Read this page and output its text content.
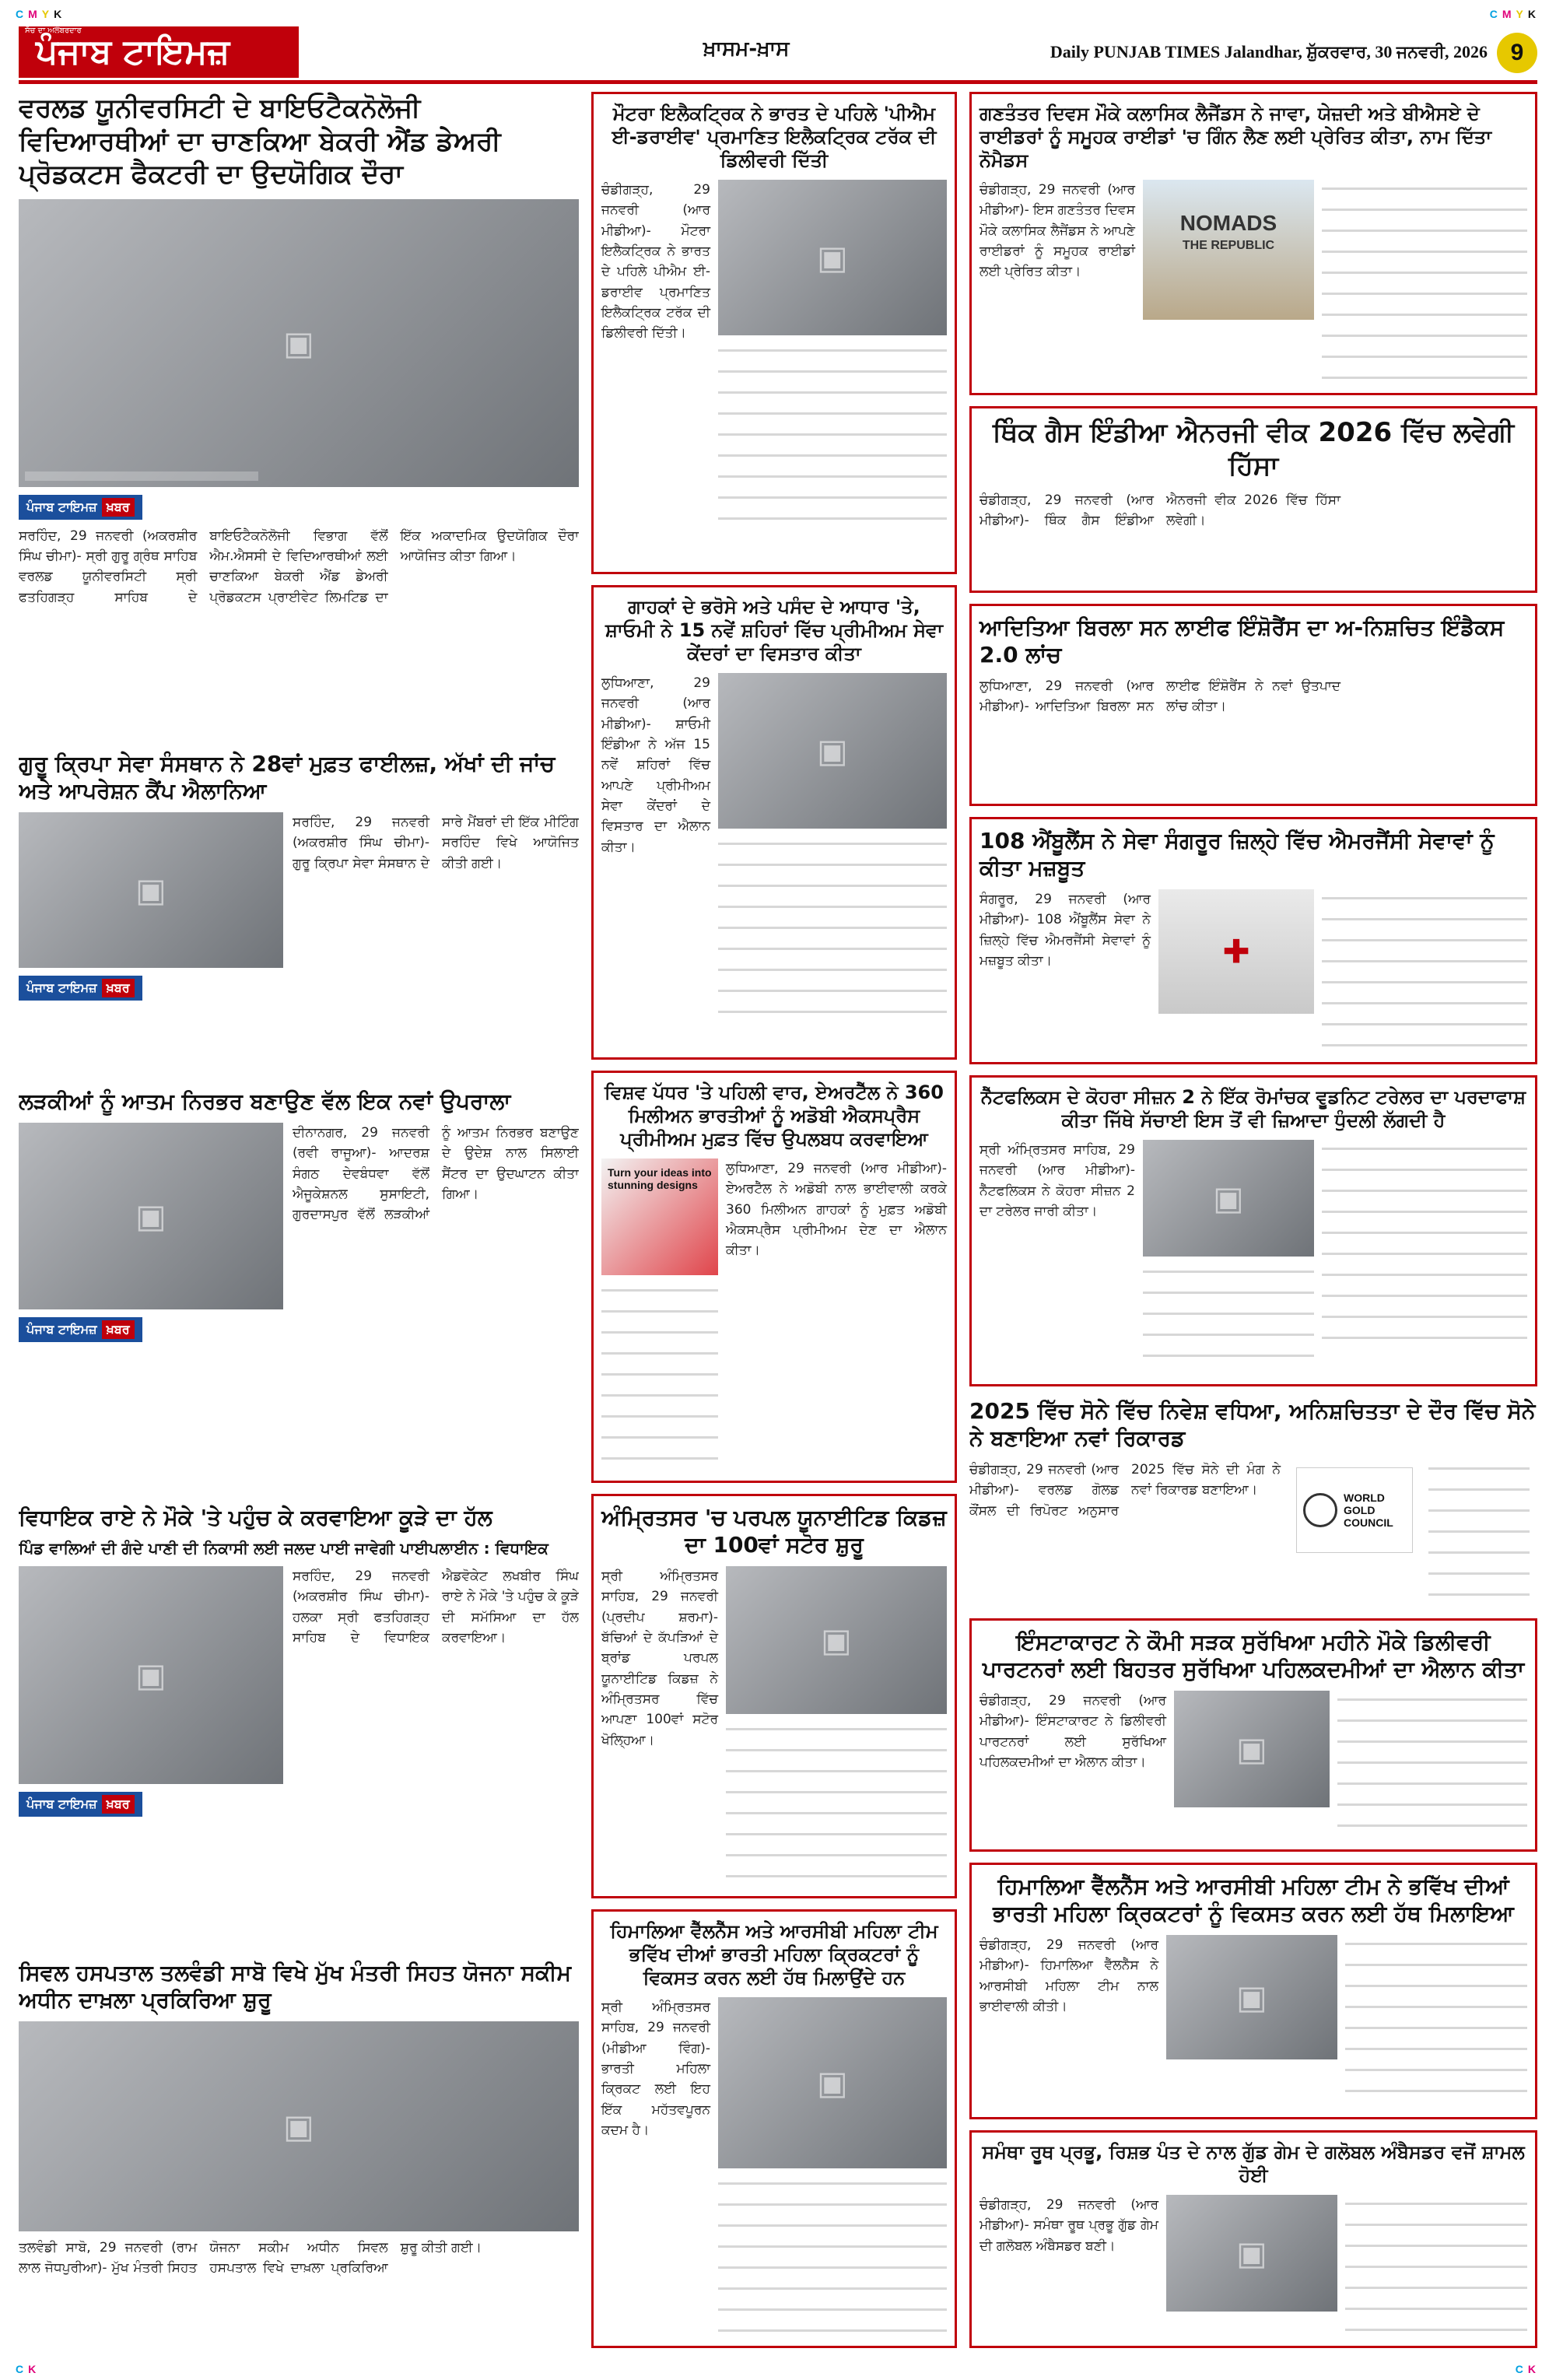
CMYK	CMYK
CK	CK
ਸੱਚ ਦਾ ਅਲੰਬਰਦਾਰ
ਪੰਜਾਬ ਟਾਇਮਜ਼	ਖ਼ਾਸਮ-ਖ਼ਾਸ	Daily PUNJAB TIMES Jalandhar, ਸ਼ੁੱਕਰਵਾਰ, 30 ਜਨਵਰੀ, 2026 9
ਵਰਲਡ ਯੂਨੀਵਰਸਿਟੀ ਦੇ ਬਾਇਓਟੈਕਨੋਲੋਜੀ ਵਿਦਿਆਰਥੀਆਂ ਦਾ ਚਾਣਕਿਆ ਬੇਕਰੀ ਐਂਡ ਡੇਅਰੀ ਪ੍ਰੋਡਕਟਸ ਫੈਕਟਰੀ ਦਾ ਉਦਯੋਗਿਕ ਦੌਰਾ
▣
ਪੰਜਾਬ ਟਾਇਮਜ਼ ਖ਼ਬਰ

ਸਰਹਿੰਦ, 29 ਜਨਵਰੀ (ਅਕਰਸ਼ੀਰ ਸਿੰਘ ਚੀਮਾ)- ਸ੍ਰੀ ਗੁਰੂ ਗ੍ਰੰਥ ਸਾਹਿਬ ਵਰਲਡ ਯੂਨੀਵਰਸਿਟੀ ਸ੍ਰੀ ਫਤਹਿਗੜ੍ਹ ਸਾਹਿਬ ਦੇ ਬਾਇਓਟੈਕਨੋਲੋਜੀ ਵਿਭਾਗ ਵੱਲੋਂ ਐਮ.ਐਸਸੀ ਦੇ ਵਿਦਿਆਰਥੀਆਂ ਲਈ ਚਾਣਕਿਆ ਬੇਕਰੀ ਐਂਡ ਡੇਅਰੀ ਪ੍ਰੋਡਕਟਸ ਪ੍ਰਾਈਵੇਟ ਲਿਮਟਿਡ ਦਾ ਇੱਕ ਅਕਾਦਮਿਕ ਉਦਯੋਗਿਕ ਦੌਰਾ ਆਯੋਜਿਤ ਕੀਤਾ ਗਿਆ।

ਗੁਰੂ ਕ੍ਰਿਪਾ ਸੇਵਾ ਸੰਸਥਾਨ ਨੇ 28ਵਾਂ ਮੁਫ਼ਤ ਫਾਈਲਜ਼, ਅੱਖਾਂ ਦੀ ਜਾਂਚ ਅਤੇ ਆਪਰੇਸ਼ਨ ਕੈਂਪ ਐਲਾਨਿਆ
▣
ਪੰਜਾਬ ਟਾਇਮਜ਼ ਖ਼ਬਰ

ਸਰਹਿੰਦ, 29 ਜਨਵਰੀ (ਅਕਰਸ਼ੀਰ ਸਿੰਘ ਚੀਮਾ)- ਗੁਰੂ ਕ੍ਰਿਪਾ ਸੇਵਾ ਸੰਸਥਾਨ ਦੇ ਸਾਰੇ ਮੈਂਬਰਾਂ ਦੀ ਇੱਕ ਮੀਟਿੰਗ ਸਰਹਿੰਦ ਵਿਖੇ ਆਯੋਜਿਤ ਕੀਤੀ ਗਈ।

ਲੜਕੀਆਂ ਨੂੰ ਆਤਮ ਨਿਰਭਰ ਬਣਾਉਣ ਵੱਲ ਇਕ ਨਵਾਂ ਉਪਰਾਲਾ
▣
ਪੰਜਾਬ ਟਾਇਮਜ਼ ਖ਼ਬਰ

ਦੀਨਾਨਗਰ, 29 ਜਨਵਰੀ (ਰਵੀ ਰਾਜੂਆ)- ਆਦਰਸ਼ ਸੰਗਠ ਦੇਵਬੰਧਵਾ ਵੱਲੋਂ ਐਜੂਕੇਸ਼ਨਲ ਸੁਸਾਇਟੀ, ਗੁਰਦਾਸਪੁਰ ਵੱਲੋਂ ਲੜਕੀਆਂ ਨੂੰ ਆਤਮ ਨਿਰਭਰ ਬਣਾਉਣ ਦੇ ਉਦੇਸ਼ ਨਾਲ ਸਿਲਾਈ ਸੈਂਟਰ ਦਾ ਉਦਘਾਟਨ ਕੀਤਾ ਗਿਆ।

ਵਿਧਾਇਕ ਰਾਏ ਨੇ ਮੌਕੇ 'ਤੇ ਪਹੁੰਚ ਕੇ ਕਰਵਾਇਆ ਕੂੜੇ ਦਾ ਹੱਲ
ਪਿੰਡ ਵਾਲਿਆਂ ਦੀ ਗੰਦੇ ਪਾਣੀ ਦੀ ਨਿਕਾਸੀ ਲਈ ਜਲਦ ਪਾਈ ਜਾਵੇਗੀ ਪਾਈਪਲਾਈਨ : ਵਿਧਾਇਕ
▣
ਪੰਜਾਬ ਟਾਇਮਜ਼ ਖ਼ਬਰ

ਸਰਹਿੰਦ, 29 ਜਨਵਰੀ (ਅਕਰਸ਼ੀਰ ਸਿੰਘ ਚੀਮਾ)- ਹਲਕਾ ਸ੍ਰੀ ਫਤਹਿਗੜ੍ਹ ਸਾਹਿਬ ਦੇ ਵਿਧਾਇਕ ਐਡਵੋਕੇਟ ਲਖਬੀਰ ਸਿੰਘ ਰਾਏ ਨੇ ਮੌਕੇ 'ਤੇ ਪਹੁੰਚ ਕੇ ਕੂੜੇ ਦੀ ਸਮੱਸਿਆ ਦਾ ਹੱਲ ਕਰਵਾਇਆ।

ਸਿਵਲ ਹਸਪਤਾਲ ਤਲਵੰਡੀ ਸਾਬੋ ਵਿਖੇ ਮੁੱਖ ਮੰਤਰੀ ਸਿਹਤ ਯੋਜਨਾ ਸਕੀਮ ਅਧੀਨ ਦਾਖ਼ਲਾ ਪ੍ਰਕਿਰਿਆ ਸ਼ੁਰੂ
▣

ਤਲਵੰਡੀ ਸਾਬੋ, 29 ਜਨਵਰੀ (ਰਾਮ ਲਾਲ ਜੋਧਪੁਰੀਆ)- ਮੁੱਖ ਮੰਤਰੀ ਸਿਹਤ ਯੋਜਨਾ ਸਕੀਮ ਅਧੀਨ ਸਿਵਲ ਹਸਪਤਾਲ ਵਿਖੇ ਦਾਖ਼ਲਾ ਪ੍ਰਕਿਰਿਆ ਸ਼ੁਰੂ ਕੀਤੀ ਗਈ।

ਮੌਟਰਾ ਇਲੈਕਟ੍ਰਿਕ ਨੇ ਭਾਰਤ ਦੇ ਪਹਿਲੇ 'ਪੀਐਮ ਈ-ਡਰਾਈਵ' ਪ੍ਰਮਾਣਿਤ ਇਲੈਕਟ੍ਰਿਕ ਟਰੱਕ ਦੀ ਡਿਲੀਵਰੀ ਦਿੱਤੀ

ਚੰਡੀਗੜ੍ਹ, 29 ਜਨਵਰੀ (ਆਰ ਮੀਡੀਆ)- ਮੌਟਰਾ ਇਲੈਕਟ੍ਰਿਕ ਨੇ ਭਾਰਤ ਦੇ ਪਹਿਲੇ ਪੀਐਮ ਈ-ਡਰਾਈਵ ਪ੍ਰਮਾਣਿਤ ਇਲੈਕਟ੍ਰਿਕ ਟਰੱਕ ਦੀ ਡਿਲੀਵਰੀ ਦਿੱਤੀ।

▣
ਗਾਹਕਾਂ ਦੇ ਭਰੋਸੇ ਅਤੇ ਪਸੰਦ ਦੇ ਆਧਾਰ 'ਤੇ, ਸ਼ਾਓਮੀ ਨੇ 15 ਨਵੇਂ ਸ਼ਹਿਰਾਂ ਵਿੱਚ ਪ੍ਰੀਮੀਅਮ ਸੇਵਾ ਕੇਂਦਰਾਂ ਦਾ ਵਿਸਤਾਰ ਕੀਤਾ

ਲੁਧਿਆਣਾ, 29 ਜਨਵਰੀ (ਆਰ ਮੀਡੀਆ)- ਸ਼ਾਓਮੀ ਇੰਡੀਆ ਨੇ ਅੱਜ 15 ਨਵੇਂ ਸ਼ਹਿਰਾਂ ਵਿੱਚ ਆਪਣੇ ਪ੍ਰੀਮੀਅਮ ਸੇਵਾ ਕੇਂਦਰਾਂ ਦੇ ਵਿਸਤਾਰ ਦਾ ਐਲਾਨ ਕੀਤਾ।

▣
ਵਿਸ਼ਵ ਪੱਧਰ 'ਤੇ ਪਹਿਲੀ ਵਾਰ, ਏਅਰਟੈੱਲ ਨੇ 360 ਮਿਲੀਅਨ ਭਾਰਤੀਆਂ ਨੂੰ ਅਡੋਬੀ ਐਕਸਪ੍ਰੈਸ ਪ੍ਰੀਮੀਅਮ ਮੁਫ਼ਤ ਵਿੱਚ ਉਪਲਬਧ ਕਰਵਾਇਆ
Turn your ideas into stunning designs

ਲੁਧਿਆਣਾ, 29 ਜਨਵਰੀ (ਆਰ ਮੀਡੀਆ)- ਏਅਰਟੈੱਲ ਨੇ ਅਡੋਬੀ ਨਾਲ ਭਾਈਵਾਲੀ ਕਰਕੇ 360 ਮਿਲੀਅਨ ਗਾਹਕਾਂ ਨੂੰ ਮੁਫ਼ਤ ਅਡੋਬੀ ਐਕਸਪ੍ਰੈਸ ਪ੍ਰੀਮੀਅਮ ਦੇਣ ਦਾ ਐਲਾਨ ਕੀਤਾ।

ਅੰਮ੍ਰਿਤਸਰ 'ਚ ਪਰਪਲ ਯੂਨਾਈਟਿਡ ਕਿਡਜ਼ ਦਾ 100ਵਾਂ ਸਟੋਰ ਸ਼ੁਰੂ

ਸ੍ਰੀ ਅੰਮ੍ਰਿਤਸਰ ਸਾਹਿਬ, 29 ਜਨਵਰੀ (ਪ੍ਰਦੀਪ ਸ਼ਰਮਾ)- ਬੱਚਿਆਂ ਦੇ ਕੱਪੜਿਆਂ ਦੇ ਬ੍ਰਾਂਡ ਪਰਪਲ ਯੂਨਾਈਟਿਡ ਕਿਡਜ਼ ਨੇ ਅੰਮ੍ਰਿਤਸਰ ਵਿੱਚ ਆਪਣਾ 100ਵਾਂ ਸਟੋਰ ਖੋਲ੍ਹਿਆ।

▣
ਹਿਮਾਲਿਆ ਵੈੱਲਨੈੱਸ ਅਤੇ ਆਰਸੀਬੀ ਮਹਿਲਾ ਟੀਮ ਭਵਿੱਖ ਦੀਆਂ ਭਾਰਤੀ ਮਹਿਲਾ ਕ੍ਰਿਕਟਰਾਂ ਨੂੰ ਵਿਕਸਤ ਕਰਨ ਲਈ ਹੱਥ ਮਿਲਾਉਂਦੇ ਹਨ

ਸ੍ਰੀ ਅੰਮ੍ਰਿਤਸਰ ਸਾਹਿਬ, 29 ਜਨਵਰੀ (ਮੀਡੀਆ ਵਿੰਗ)- ਭਾਰਤੀ ਮਹਿਲਾ ਕ੍ਰਿਕਟ ਲਈ ਇਹ ਇੱਕ ਮਹੱਤਵਪੂਰਨ ਕਦਮ ਹੈ।

▣
ਗਣਤੰਤਰ ਦਿਵਸ ਮੌਕੇ ਕਲਾਸਿਕ ਲੈਜੈਂਡਸ ਨੇ ਜਾਵਾ, ਯੇਜ਼ਦੀ ਅਤੇ ਬੀਐਸਏ ਦੇ ਰਾਈਡਰਾਂ ਨੂੰ ਸਮੂਹਕ ਰਾਈਡਾਂ 'ਚ ਗਿੰਨ ਲੈਣ ਲਈ ਪ੍ਰੇਰਿਤ ਕੀਤਾ, ਨਾਮ ਦਿੱਤਾ ਨੋਮੈਡਸ

ਚੰਡੀਗੜ੍ਹ, 29 ਜਨਵਰੀ (ਆਰ ਮੀਡੀਆ)- ਇਸ ਗਣਤੰਤਰ ਦਿਵਸ ਮੌਕੇ ਕਲਾਸਿਕ ਲੈਜੈਂਡਸ ਨੇ ਆਪਣੇ ਰਾਈਡਰਾਂ ਨੂੰ ਸਮੂਹਕ ਰਾਈਡਾਂ ਲਈ ਪ੍ਰੇਰਿਤ ਕੀਤਾ।

NOMADS
THE REPUBLIC
ਥਿੰਕ ਗੈਸ ਇੰਡੀਆ ਐਨਰਜੀ ਵੀਕ 2026 ਵਿੱਚ ਲਵੇਗੀ ਹਿੱਸਾ

ਚੰਡੀਗੜ੍ਹ, 29 ਜਨਵਰੀ (ਆਰ ਮੀਡੀਆ)- ਥਿੰਕ ਗੈਸ ਇੰਡੀਆ ਐਨਰਜੀ ਵੀਕ 2026 ਵਿੱਚ ਹਿੱਸਾ ਲਵੇਗੀ।

ਆਦਿਤਿਆ ਬਿਰਲਾ ਸਨ ਲਾਈਫ ਇੰਸ਼ੋਰੈਂਸ ਦਾ ਅ-ਨਿਸ਼ਚਿਤ ਇੰਡੈਕਸ 2.0 ਲਾਂਚ

ਲੁਧਿਆਣਾ, 29 ਜਨਵਰੀ (ਆਰ ਮੀਡੀਆ)- ਆਦਿਤਿਆ ਬਿਰਲਾ ਸਨ ਲਾਈਫ ਇੰਸ਼ੋਰੈਂਸ ਨੇ ਨਵਾਂ ਉਤਪਾਦ ਲਾਂਚ ਕੀਤਾ।

108 ਐਂਬੂਲੈਂਸ ਨੇ ਸੇਵਾ ਸੰਗਰੂਰ ਜ਼ਿਲ੍ਹੇ ਵਿੱਚ ਐਮਰਜੈਂਸੀ ਸੇਵਾਵਾਂ ਨੂੰ ਕੀਤਾ ਮਜ਼ਬੂਤ

ਸੰਗਰੂਰ, 29 ਜਨਵਰੀ (ਆਰ ਮੀਡੀਆ)- 108 ਐਂਬੂਲੈਂਸ ਸੇਵਾ ਨੇ ਜ਼ਿਲ੍ਹੇ ਵਿੱਚ ਐਮਰਜੈਂਸੀ ਸੇਵਾਵਾਂ ਨੂੰ ਮਜ਼ਬੂਤ ਕੀਤਾ।	✚
ਨੈੱਟਫਲਿਕਸ ਦੇ ਕੋਹਰਾ ਸੀਜ਼ਨ 2 ਨੇ ਇੱਕ ਰੋਮਾਂਚਕ ਵੂਡਨਿਟ ਟਰੇਲਰ ਦਾ ਪਰਦਾਫਾਸ਼ ਕੀਤਾ ਜਿੱਥੇ ਸੱਚਾਈ ਇਸ ਤੋਂ ਵੀ ਜ਼ਿਆਦਾ ਧੁੰਦਲੀ ਲੱਗਦੀ ਹੈ

ਸ੍ਰੀ ਅੰਮ੍ਰਿਤਸਰ ਸਾਹਿਬ, 29 ਜਨਵਰੀ (ਆਰ ਮੀਡੀਆ)- ਨੈੱਟਫਲਿਕਸ ਨੇ ਕੋਹਰਾ ਸੀਜ਼ਨ 2 ਦਾ ਟਰੇਲਰ ਜਾਰੀ ਕੀਤਾ।	▣
2025 ਵਿੱਚ ਸੋਨੇ ਵਿੱਚ ਨਿਵੇਸ਼ ਵਧਿਆ, ਅਨਿਸ਼ਚਿਤਤਾ ਦੇ ਦੌਰ ਵਿੱਚ ਸੋਨੇ ਨੇ ਬਣਾਇਆ ਨਵਾਂ ਰਿਕਾਰਡ

ਚੰਡੀਗੜ੍ਹ, 29 ਜਨਵਰੀ (ਆਰ ਮੀਡੀਆ)- ਵਰਲਡ ਗੋਲਡ ਕੌਂਸਲ ਦੀ ਰਿਪੋਰਟ ਅਨੁਸਾਰ 2025 ਵਿੱਚ ਸੋਨੇ ਦੀ ਮੰਗ ਨੇ ਨਵਾਂ ਰਿਕਾਰਡ ਬਣਾਇਆ।	WORLD
GOLD
COUNCIL
ਇੰਸਟਾਕਾਰਟ ਨੇ ਕੌਮੀ ਸੜਕ ਸੁਰੱਖਿਆ ਮਹੀਨੇ ਮੌਕੇ ਡਿਲੀਵਰੀ ਪਾਰਟਨਰਾਂ ਲਈ ਬਿਹਤਰ ਸੁਰੱਖਿਆ ਪਹਿਲਕਦਮੀਆਂ ਦਾ ਐਲਾਨ ਕੀਤਾ

ਚੰਡੀਗੜ੍ਹ, 29 ਜਨਵਰੀ (ਆਰ ਮੀਡੀਆ)- ਇੰਸਟਾਕਾਰਟ ਨੇ ਡਿਲੀਵਰੀ ਪਾਰਟਨਰਾਂ ਲਈ ਸੁਰੱਖਿਆ ਪਹਿਲਕਦਮੀਆਂ ਦਾ ਐਲਾਨ ਕੀਤਾ।	▣
ਹਿਮਾਲਿਆ ਵੈੱਲਨੈੱਸ ਅਤੇ ਆਰਸੀਬੀ ਮਹਿਲਾ ਟੀਮ ਨੇ ਭਵਿੱਖ ਦੀਆਂ ਭਾਰਤੀ ਮਹਿਲਾ ਕ੍ਰਿਕਟਰਾਂ ਨੂੰ ਵਿਕਸਤ ਕਰਨ ਲਈ ਹੱਥ ਮਿਲਾਇਆ

ਚੰਡੀਗੜ੍ਹ, 29 ਜਨਵਰੀ (ਆਰ ਮੀਡੀਆ)- ਹਿਮਾਲਿਆ ਵੈੱਲਨੈੱਸ ਨੇ ਆਰਸੀਬੀ ਮਹਿਲਾ ਟੀਮ ਨਾਲ ਭਾਈਵਾਲੀ ਕੀਤੀ।	▣
ਸਮੰਥਾ ਰੂਥ ਪ੍ਰਭੂ, ਰਿਸ਼ਭ ਪੰਤ ਦੇ ਨਾਲ ਗੁੱਡ ਗੇਮ ਦੇ ਗਲੋਬਲ ਅੰਬੈਸਡਰ ਵਜੋਂ ਸ਼ਾਮਲ ਹੋਈ

ਚੰਡੀਗੜ੍ਹ, 29 ਜਨਵਰੀ (ਆਰ ਮੀਡੀਆ)- ਸਮੰਥਾ ਰੂਥ ਪ੍ਰਭੂ ਗੁੱਡ ਗੇਮ ਦੀ ਗਲੋਬਲ ਅੰਬੈਸਡਰ ਬਣੀ।	▣
